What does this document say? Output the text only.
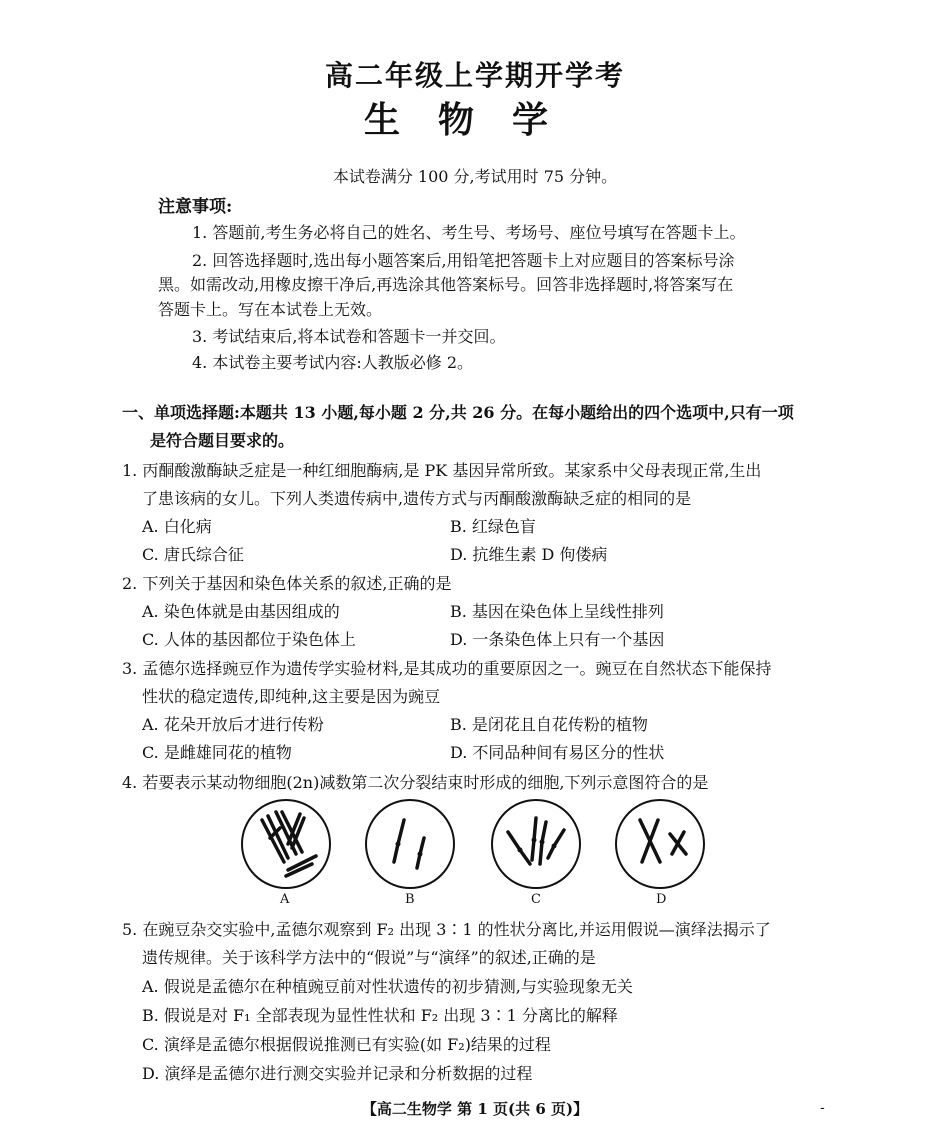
高二年级上学期开学考
生物学
本试卷满分 100 分,考试用时 75 分钟。
注意事项:
1. 答题前,考生务必将自己的姓名、考生号、考场号、座位号填写在答题卡上。
2. 回答选择题时,选出每小题答案后,用铅笔把答题卡上对应题目的答案标号涂
黑。如需改动,用橡皮擦干净后,再选涂其他答案标号。回答非选择题时,将答案写在
答题卡上。写在本试卷上无效。
3. 考试结束后,将本试卷和答题卡一并交回。
4. 本试卷主要考试内容:人教版必修 2。
一、单项选择题:本题共 13 小题,每小题 2 分,共 26 分。在每小题给出的四个选项中,只有一项
是符合题目要求的。
1. 丙酮酸激酶缺乏症是一种红细胞酶病,是 PK 基因异常所致。某家系中父母表现正常,生出
了患该病的女儿。下列人类遗传病中,遗传方式与丙酮酸激酶缺乏症的相同的是
A. 白化病	B. 红绿色盲
C. 唐氏综合征	D. 抗维生素 D 佝偻病
2. 下列关于基因和染色体关系的叙述,正确的是
A. 染色体就是由基因组成的	B. 基因在染色体上呈线性排列
C. 人体的基因都位于染色体上	D. 一条染色体上只有一个基因
3. 孟德尔选择豌豆作为遗传学实验材料,是其成功的重要原因之一。豌豆在自然状态下能保持
性状的稳定遗传,即纯种,这主要是因为豌豆
A. 花朵开放后才进行传粉	B. 是闭花且自花传粉的植物
C. 是雌雄同花的植物	D. 不同品种间有易区分的性状
4. 若要表示某动物细胞(2n)减数第二次分裂结束时形成的细胞,下列示意图符合的是
A	B	C	D
5. 在豌豆杂交实验中,孟德尔观察到 F₂ 出现 3∶1 的性状分离比,并运用假说—演绎法揭示了
遗传规律。关于该科学方法中的“假说”与“演绎”的叙述,正确的是
A. 假说是孟德尔在种植豌豆前对性状遗传的初步猜测,与实验现象无关
B. 假说是对 F₁ 全部表现为显性性状和 F₂ 出现 3∶1 分离比的解释
C. 演绎是孟德尔根据假说推测已有实验(如 F₂)结果的过程
D. 演绎是孟德尔进行测交实验并记录和分析数据的过程
【高二生物学 第 1 页(共 6 页)】	-
